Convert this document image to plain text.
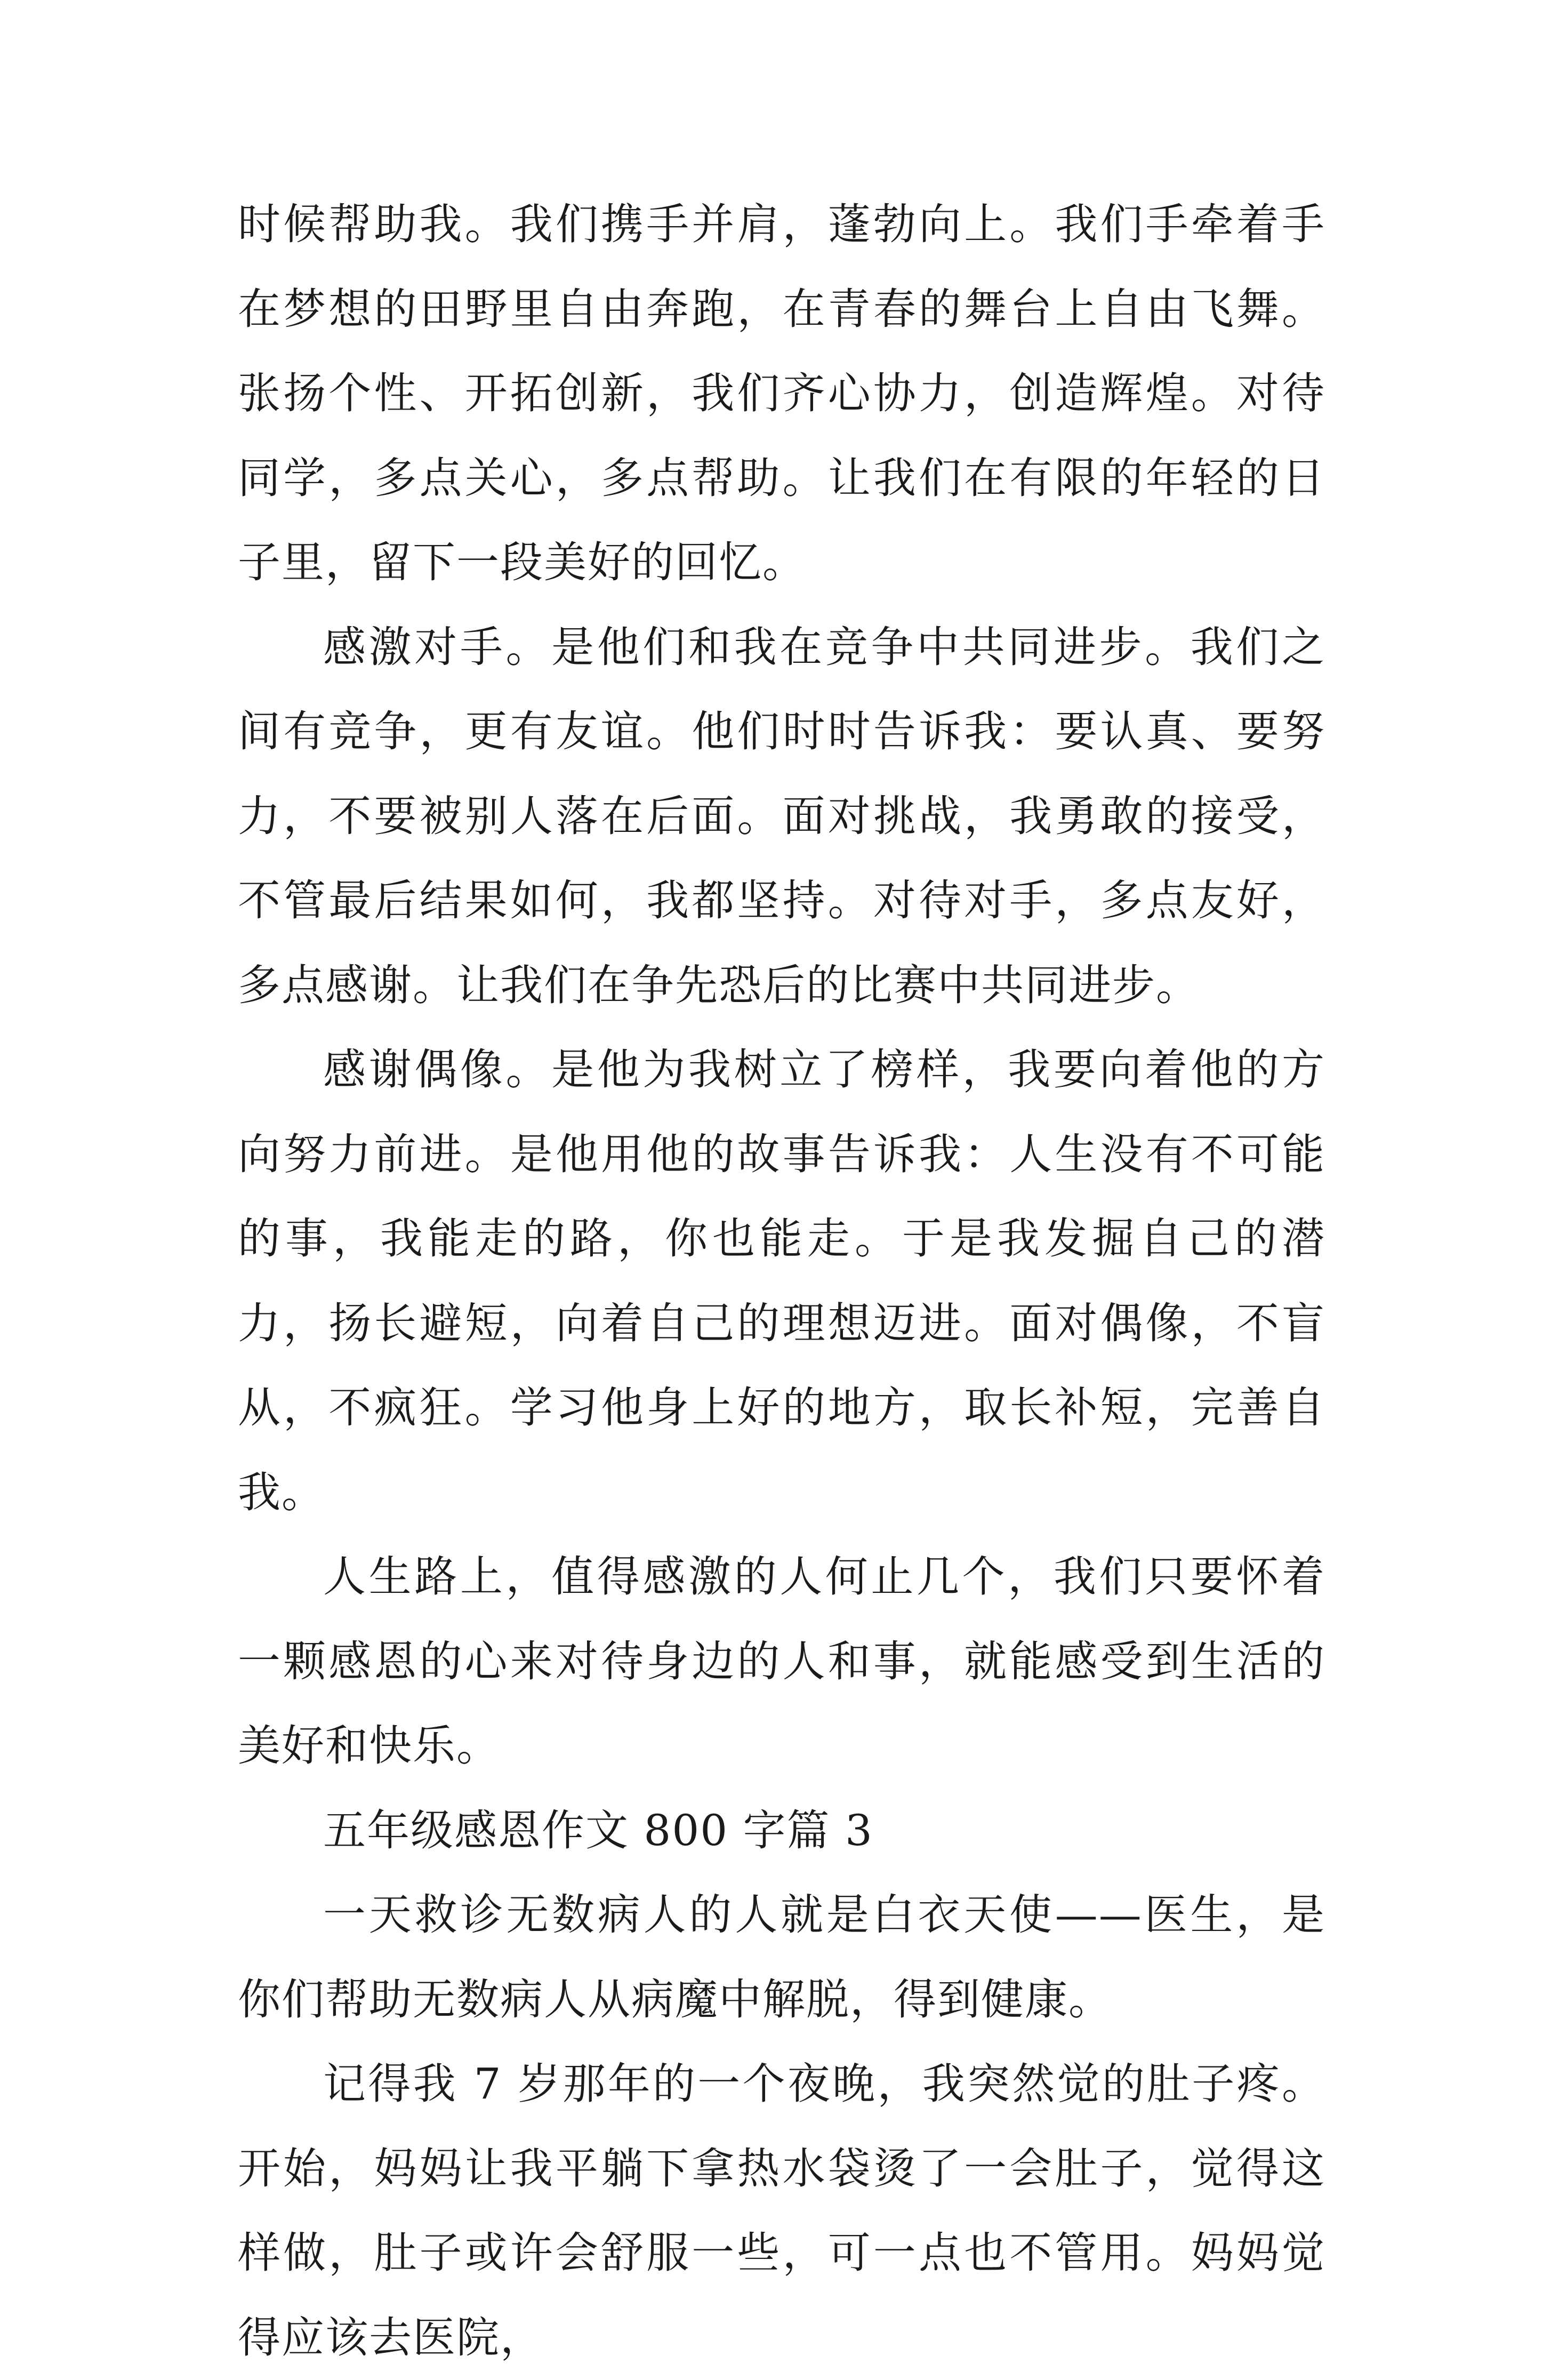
时候帮助我。我们携手并肩，蓬勃向上。我们手牵着手在梦想的田野里自由奔跑，在青春的舞台上自由飞舞。张扬个性、开拓创新，我们齐心协力，创造辉煌。对待同学，多点关心，多点帮助。让我们在有限的年轻的日子里，留下一段美好的回忆。

感激对手。是他们和我在竞争中共同进步。我们之间有竞争，更有友谊。他们时时告诉我：要认真、要努力，不要被别人落在后面。面对挑战，我勇敢的接受，不管最后结果如何，我都坚持。对待对手，多点友好，多点感谢。让我们在争先恐后的比赛中共同进步。

感谢偶像。是他为我树立了榜样，我要向着他的方向努力前进。是他用他的故事告诉我：人生没有不可能的事，我能走的路，你也能走。于是我发掘自己的潜力，扬长避短，向着自己的理想迈进。面对偶像，不盲从，不疯狂。学习他身上好的地方，取长补短，完善自我。

人生路上，值得感激的人何止几个，我们只要怀着一颗感恩的心来对待身边的人和事，就能感受到生活的美好和快乐。

五年级感恩作文 800 字篇 3

一天救诊无数病人的人就是白衣天使——医生，是你们帮助无数病人从病魔中解脱，得到健康。

记得我 7 岁那年的一个夜晚，我突然觉的肚子疼。开始，妈妈让我平躺下拿热水袋烫了一会肚子，觉得这样做，肚子或许会舒服一些，可一点也不管用。妈妈觉得应该去医院，
